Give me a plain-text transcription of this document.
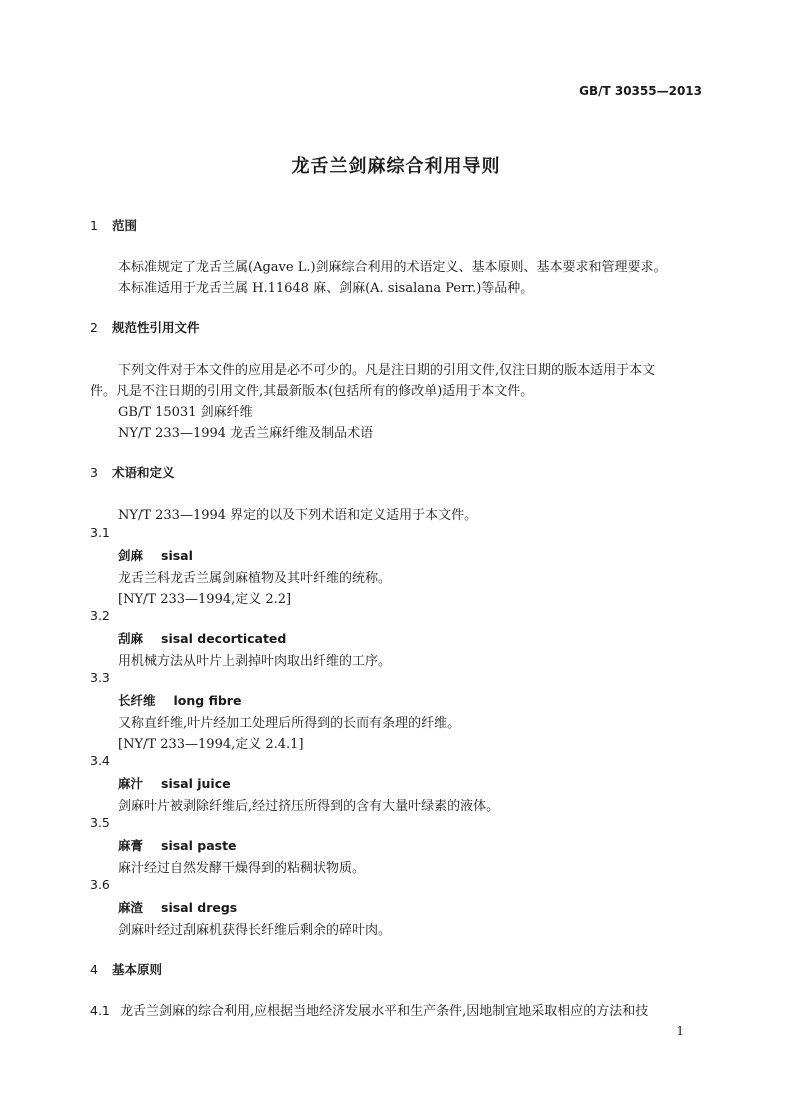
GB/T 30355—2013
龙舌兰剑麻综合利用导则
1 范围
本标准规定了龙舌兰属(Agave L.)剑麻综合利用的术语定义、基本原则、基本要求和管理要求。
本标准适用于龙舌兰属 H.11648 麻、剑麻(A. sisalana Perr.)等品种。
2 规范性引用文件
下列文件对于本文件的应用是必不可少的。凡是注日期的引用文件,仅注日期的版本适用于本文
件。凡是不注日期的引用文件,其最新版本(包括所有的修改单)适用于本文件。
GB/T 15031 剑麻纤维
NY/T 233—1994 龙舌兰麻纤维及制品术语
3 术语和定义
NY/T 233—1994 界定的以及下列术语和定义适用于本文件。
3.1
剑麻 sisal
龙舌兰科龙舌兰属剑麻植物及其叶纤维的统称。
[NY/T 233—1994,定义 2.2]
3.2
刮麻 sisal decorticated
用机械方法从叶片上剥掉叶肉取出纤维的工序。
3.3
长纤维 long fibre
又称直纤维,叶片经加工处理后所得到的长而有条理的纤维。
[NY/T 233—1994,定义 2.4.1]
3.4
麻汁 sisal juice
剑麻叶片被剥除纤维后,经过挤压所得到的含有大量叶绿素的液体。
3.5
麻膏 sisal paste
麻汁经过自然发酵干燥得到的粘稠状物质。
3.6
麻渣 sisal dregs
剑麻叶经过刮麻机获得长纤维后剩余的碎叶肉。
4 基本原则
4.1 龙舌兰剑麻的综合利用,应根据当地经济发展水平和生产条件,因地制宜地采取相应的方法和技
1
